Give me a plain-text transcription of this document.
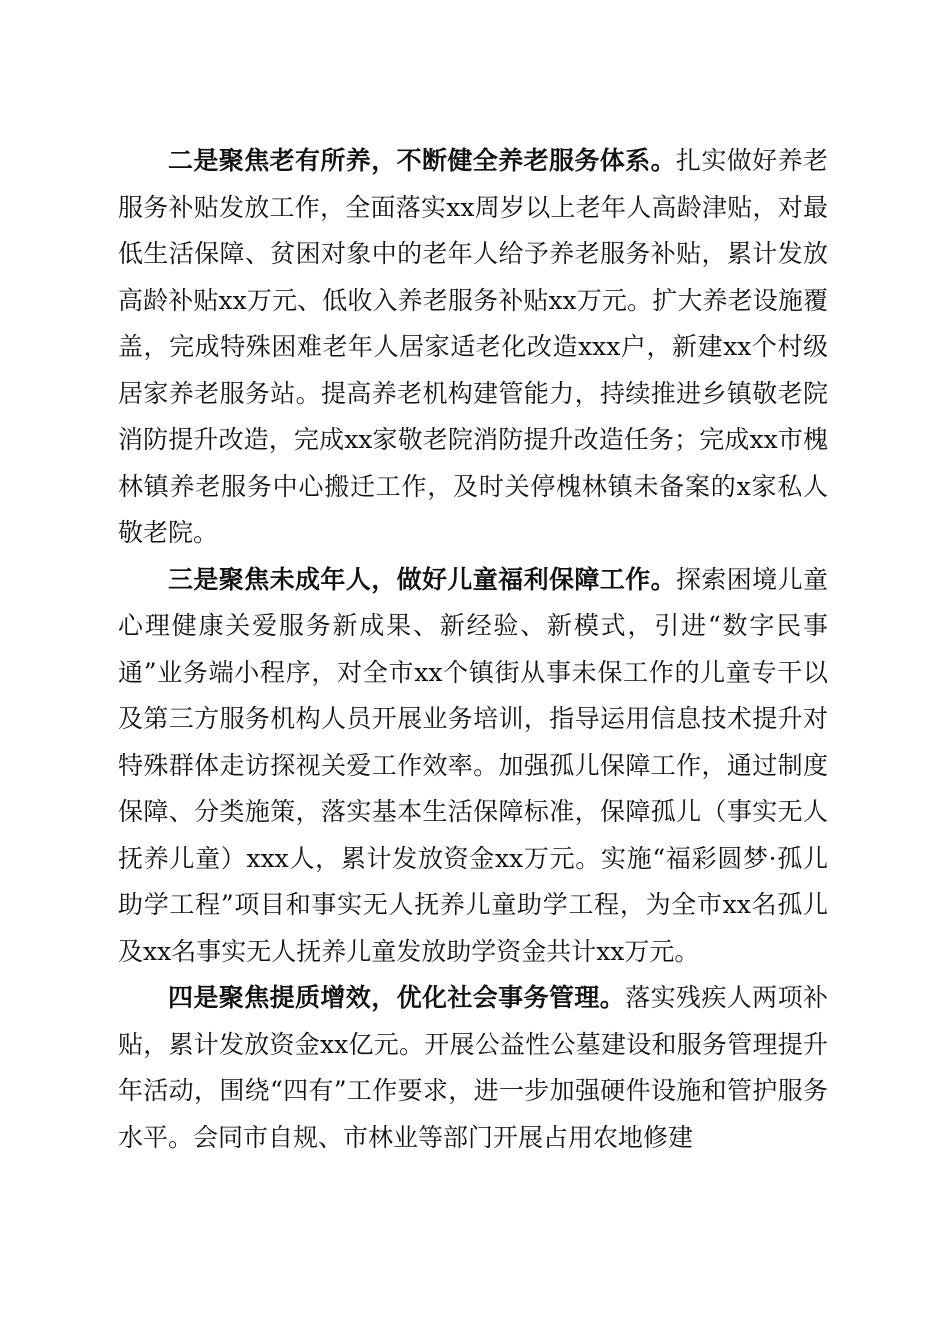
二是聚焦老有所养，不断健全养老服务体系。扎实做好养老服务补贴发放工作，全面落实xx周岁以上老年人高龄津贴，对最低生活保障、贫困对象中的老年人给予养老服务补贴，累计发放高龄补贴xx万元、低收入养老服务补贴xx万元。扩大养老设施覆盖，完成特殊困难老年人居家适老化改造xxx户，新建xx个村级居家养老服务站。提高养老机构建管能力，持续推进乡镇敬老院消防提升改造，完成xx家敬老院消防提升改造任务；完成xx市槐林镇养老服务中心搬迁工作，及时关停槐林镇未备案的x家私人敬老院。

三是聚焦未成年人，做好儿童福利保障工作。探索困境儿童心理健康关爱服务新成果、新经验、新模式，引进“数字民事通”业务端小程序，对全市xx个镇街从事未保工作的儿童专干以及第三方服务机构人员开展业务培训，指导运用信息技术提升对特殊群体走访探视关爱工作效率。加强孤儿保障工作，通过制度保障、分类施策，落实基本生活保障标准，保障孤儿（事实无人抚养儿童）xxx人，累计发放资金xx万元。实施“福彩圆梦·孤儿助学工程”项目和事实无人抚养儿童助学工程，为全市xx名孤儿及xx名事实无人抚养儿童发放助学资金共计xx万元。

四是聚焦提质增效，优化社会事务管理。落实残疾人两项补贴，累计发放资金xx亿元。开展公益性公墓建设和服务管理提升年活动，围绕“四有”工作要求，进一步加强硬件设施和管护服务水平。会同市自规、市林业等部门开展占用农地修建
